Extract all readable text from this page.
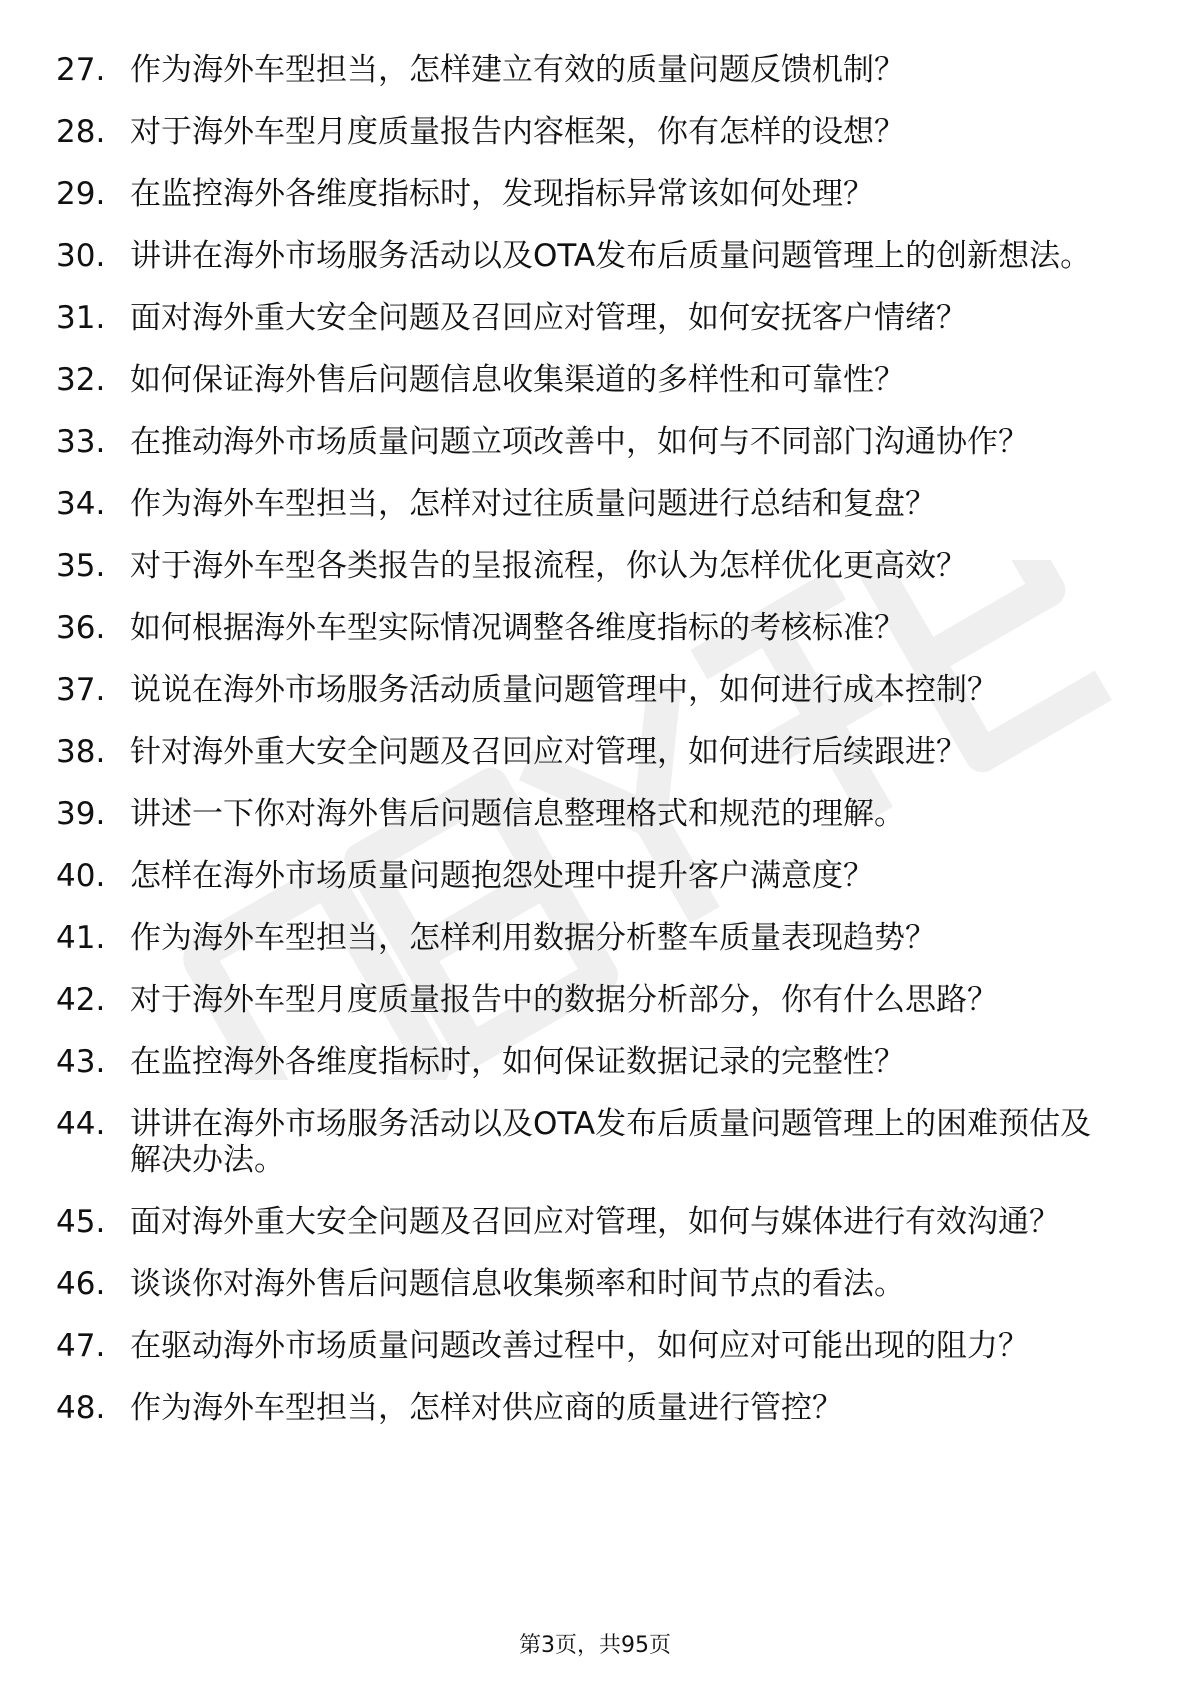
27. 作为海外车型担当，怎样建立有效的质量问题反馈机制？
28. 对于海外车型月度质量报告内容框架，你有怎样的设想？
29. 在监控海外各维度指标时，发现指标异常该如何处理？
30. 讲讲在海外市场服务活动以及OTA发布后质量问题管理上的创新想法。
31. 面对海外重大安全问题及召回应对管理，如何安抚客户情绪？
32. 如何保证海外售后问题信息收集渠道的多样性和可靠性？
33. 在推动海外市场质量问题立项改善中，如何与不同部门沟通协作？
34. 作为海外车型担当，怎样对过往质量问题进行总结和复盘？
35. 对于海外车型各类报告的呈报流程，你认为怎样优化更高效？
36. 如何根据海外车型实际情况调整各维度指标的考核标准？
37. 说说在海外市场服务活动质量问题管理中，如何进行成本控制？
38. 针对海外重大安全问题及召回应对管理，如何进行后续跟进？
39. 讲述一下你对海外售后问题信息整理格式和规范的理解。
40. 怎样在海外市场质量问题抱怨处理中提升客户满意度？
41. 作为海外车型担当，怎样利用数据分析整车质量表现趋势？
42. 对于海外车型月度质量报告中的数据分析部分，你有什么思路？
43. 在监控海外各维度指标时，如何保证数据记录的完整性？
44. 讲讲在海外市场服务活动以及OTA发布后质量问题管理上的困难预估及解决办法。
45. 面对海外重大安全问题及召回应对管理，如何与媒体进行有效沟通？
46. 谈谈你对海外售后问题信息收集频率和时间节点的看法。
47. 在驱动海外市场质量问题改善过程中，如何应对可能出现的阻力？
48. 作为海外车型担当，怎样对供应商的质量进行管控？
第3页，共95页
